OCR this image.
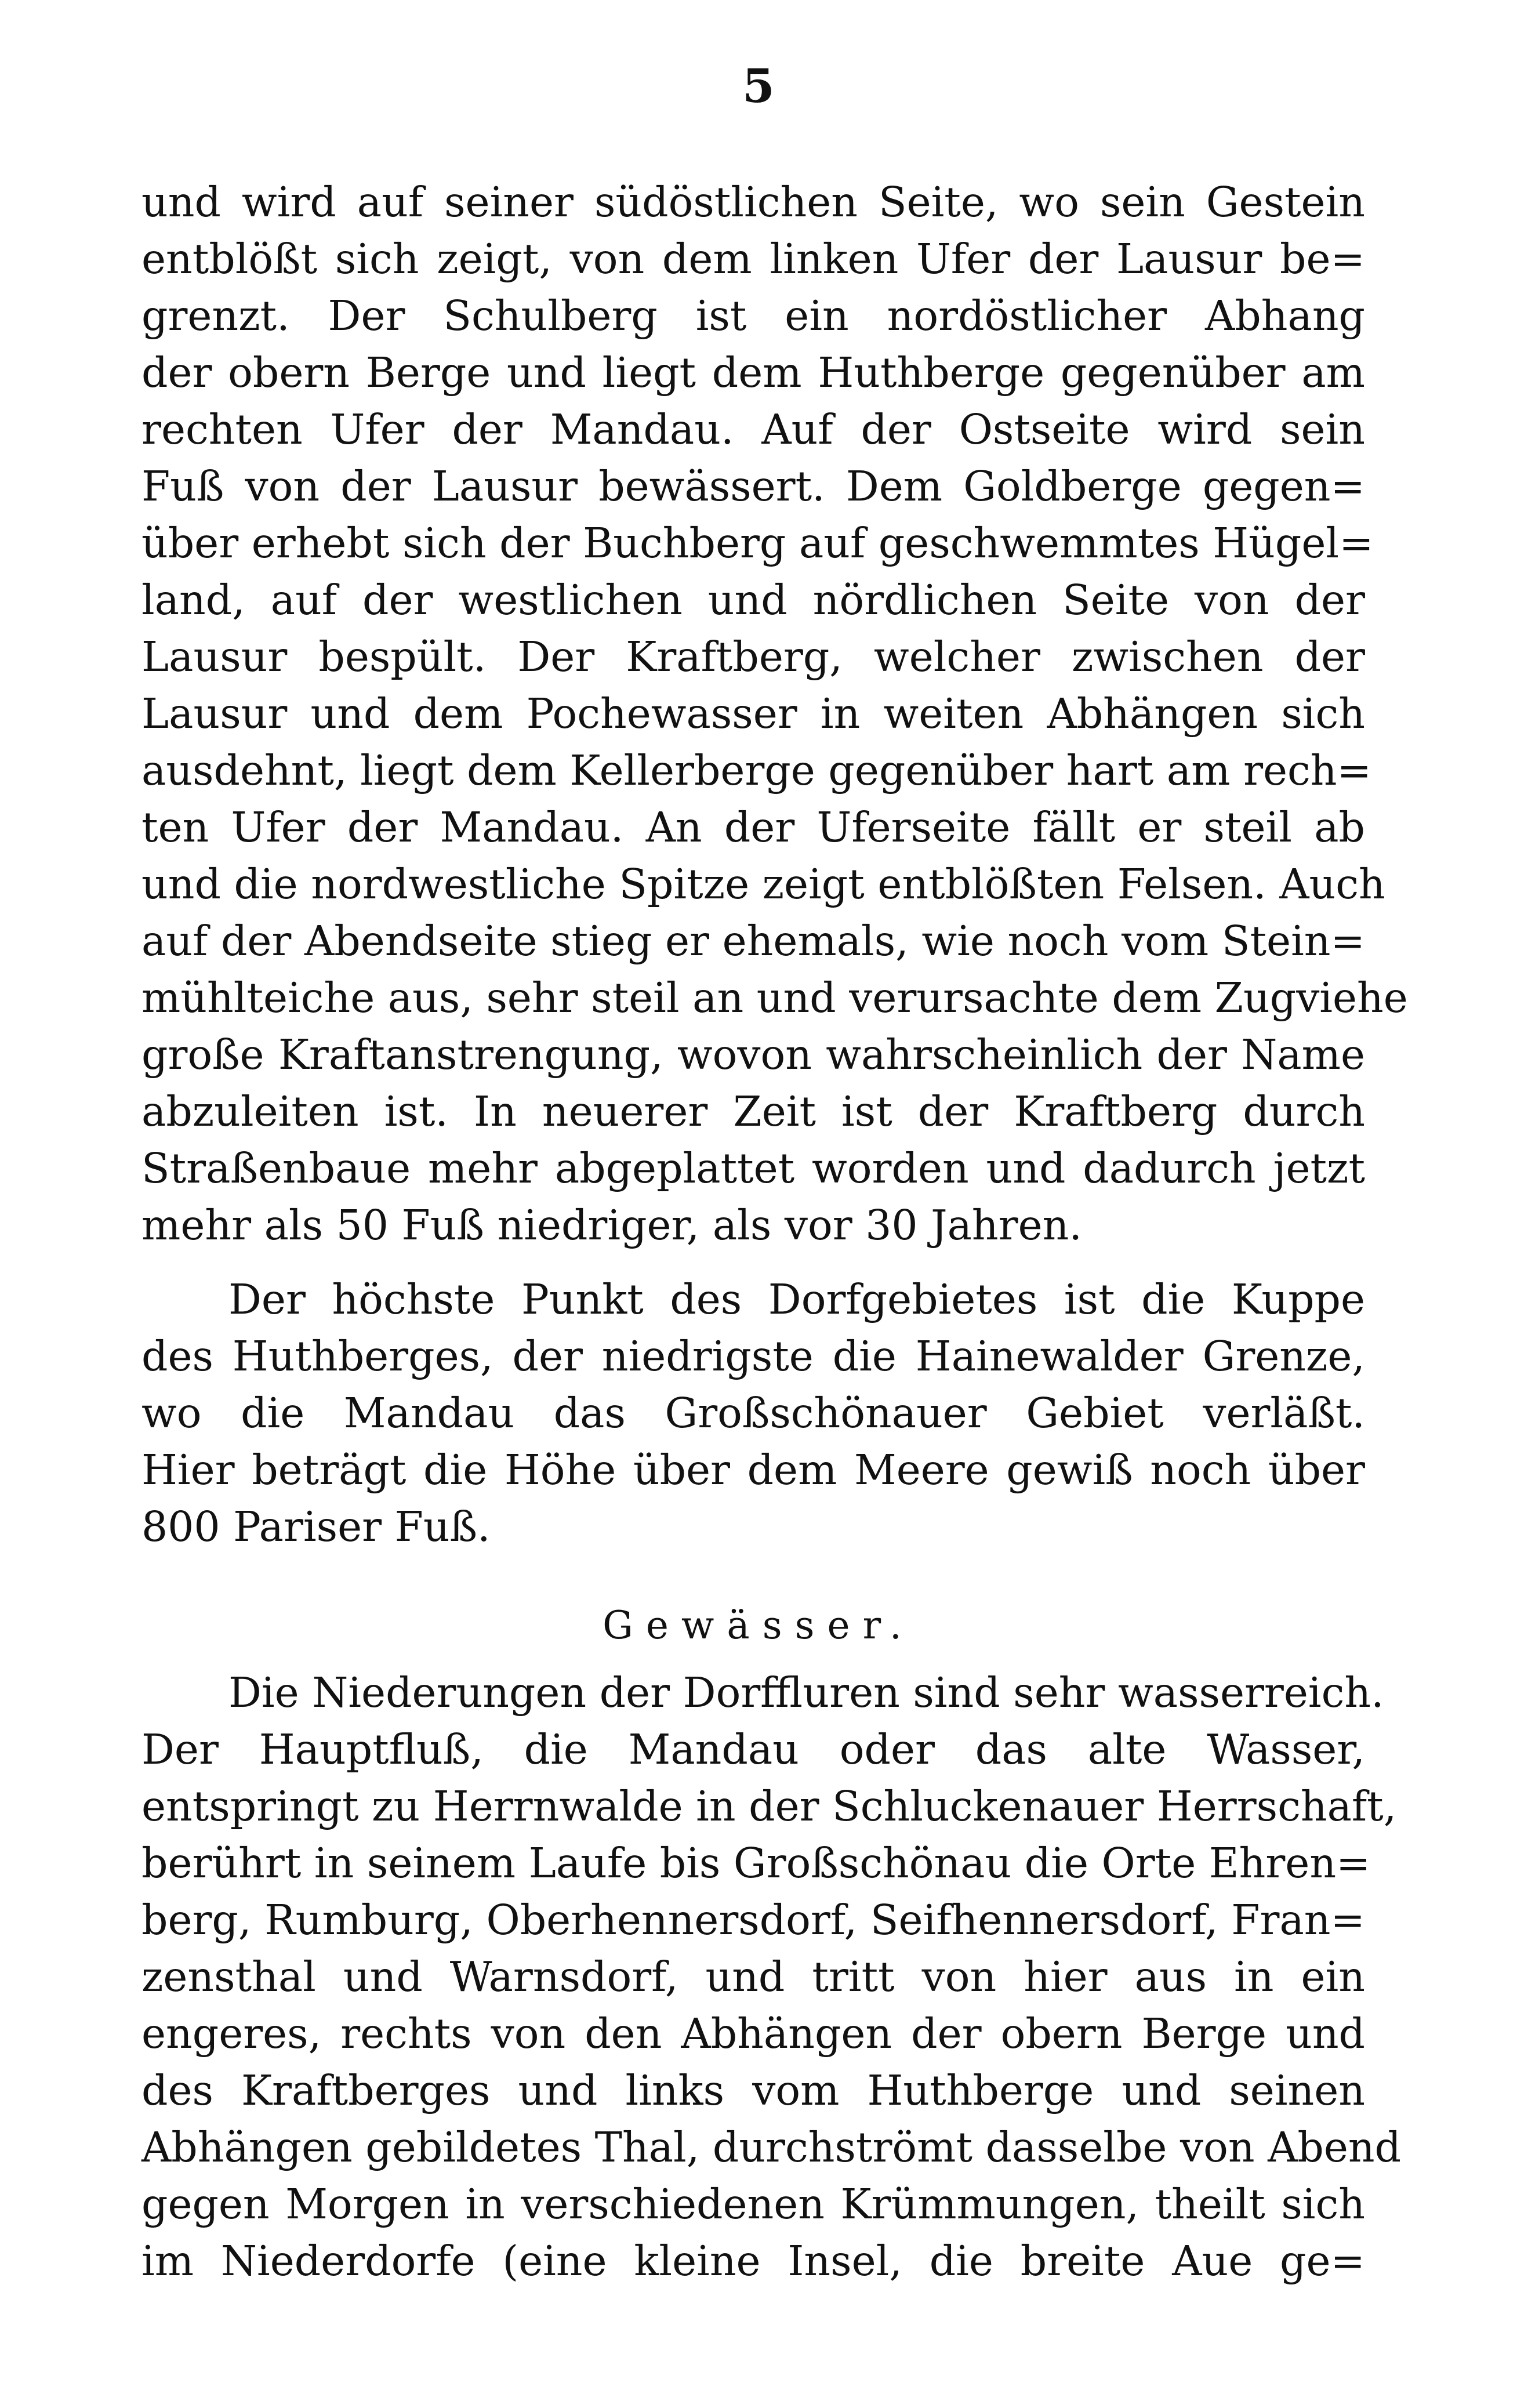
5
und wird auf seiner südöstlichen Seite, wo sein Gestein
entblößt sich zeigt, von dem linken Ufer der Lausur be=
grenzt. Der Schulberg ist ein nordöstlicher Abhang
der obern Berge und liegt dem Huthberge gegenüber am
rechten Ufer der Mandau. Auf der Ostseite wird sein
Fuß von der Lausur bewässert. Dem Goldberge gegen=
über erhebt sich der Buchberg auf geschwemmtes Hügel=
land, auf der westlichen und nördlichen Seite von der
Lausur bespült. Der Kraftberg, welcher zwischen der
Lausur und dem Pochewasser in weiten Abhängen sich
ausdehnt, liegt dem Kellerberge gegenüber hart am rech=
ten Ufer der Mandau. An der Uferseite fällt er steil ab
und die nordwestliche Spitze zeigt entblößten Felsen. Auch
auf der Abendseite stieg er ehemals, wie noch vom Stein=
mühlteiche aus, sehr steil an und verursachte dem Zugviehe
große Kraftanstrengung, wovon wahrscheinlich der Name
abzuleiten ist. In neuerer Zeit ist der Kraftberg durch
Straßenbaue mehr abgeplattet worden und dadurch jetzt
mehr als 50 Fuß niedriger, als vor 30 Jahren.
Der höchste Punkt des Dorfgebietes ist die Kuppe
des Huthberges, der niedrigste die Hainewalder Grenze,
wo die Mandau das Großschönauer Gebiet verläßt.
Hier beträgt die Höhe über dem Meere gewiß noch über
800 Pariser Fuß.
Gewässer.
Die Niederungen der Dorffluren sind sehr wasserreich.
Der Hauptfluß, die Mandau oder das alte Wasser,
entspringt zu Herrnwalde in der Schluckenauer Herrschaft,
berührt in seinem Laufe bis Großschönau die Orte Ehren=
berg, Rumburg, Oberhennersdorf, Seifhennersdorf, Fran=
zensthal und Warnsdorf, und tritt von hier aus in ein
engeres, rechts von den Abhängen der obern Berge und
des Kraftberges und links vom Huthberge und seinen
Abhängen gebildetes Thal, durchströmt dasselbe von Abend
gegen Morgen in verschiedenen Krümmungen, theilt sich
im Niederdorfe (eine kleine Insel, die breite Aue ge=
